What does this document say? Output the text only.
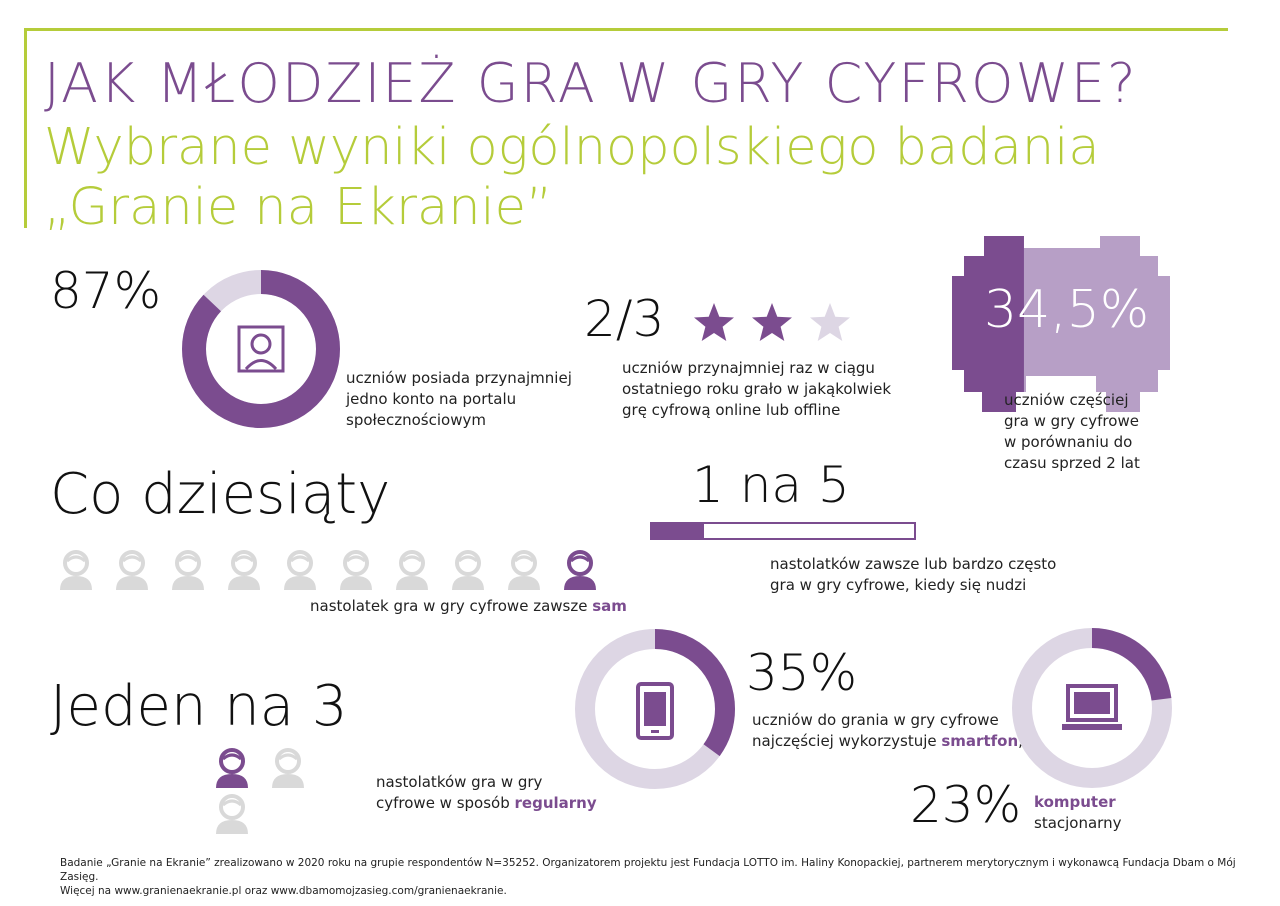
JAK MŁODZIEŻ GRA W GRY CYFROWE?
Wybrane wyniki ogólnopolskiego badania
„Granie na Ekranie”
87%
uczniów posiada przynajmniej
jedno konto na portalu
społecznościowym
2/3
uczniów przynajmniej raz w ciągu
ostatniego roku grało w jakąkolwiek
grę cyfrową online lub offline
34,5%
uczniów częściej
gra w gry cyfrowe
w porównaniu do
czasu sprzed 2 lat
Co dziesiąty
nastolatek gra w gry cyfrowe zawsze sam
1 na 5
nastolatków zawsze lub bardzo często
gra w gry cyfrowe, kiedy się nudzi
Jeden na 3
nastolatków gra w gry
cyfrowe w sposób regularny
35%
uczniów do grania w gry cyfrowe
najczęściej wykorzystuje smartfon,
23% komputer
stacjonarny
Badanie „Granie na Ekranie” zrealizowano w 2020 roku na grupie respondentów N=35252. Organizatorem projektu jest Fundacja LOTTO im. Haliny Konopackiej, partnerem merytorycznym i wykonawcą Fundacja Dbam o Mój Zasięg.
Więcej na www.granienaekranie.pl oraz www.dbamomojzasieg.com/granienaekranie.
